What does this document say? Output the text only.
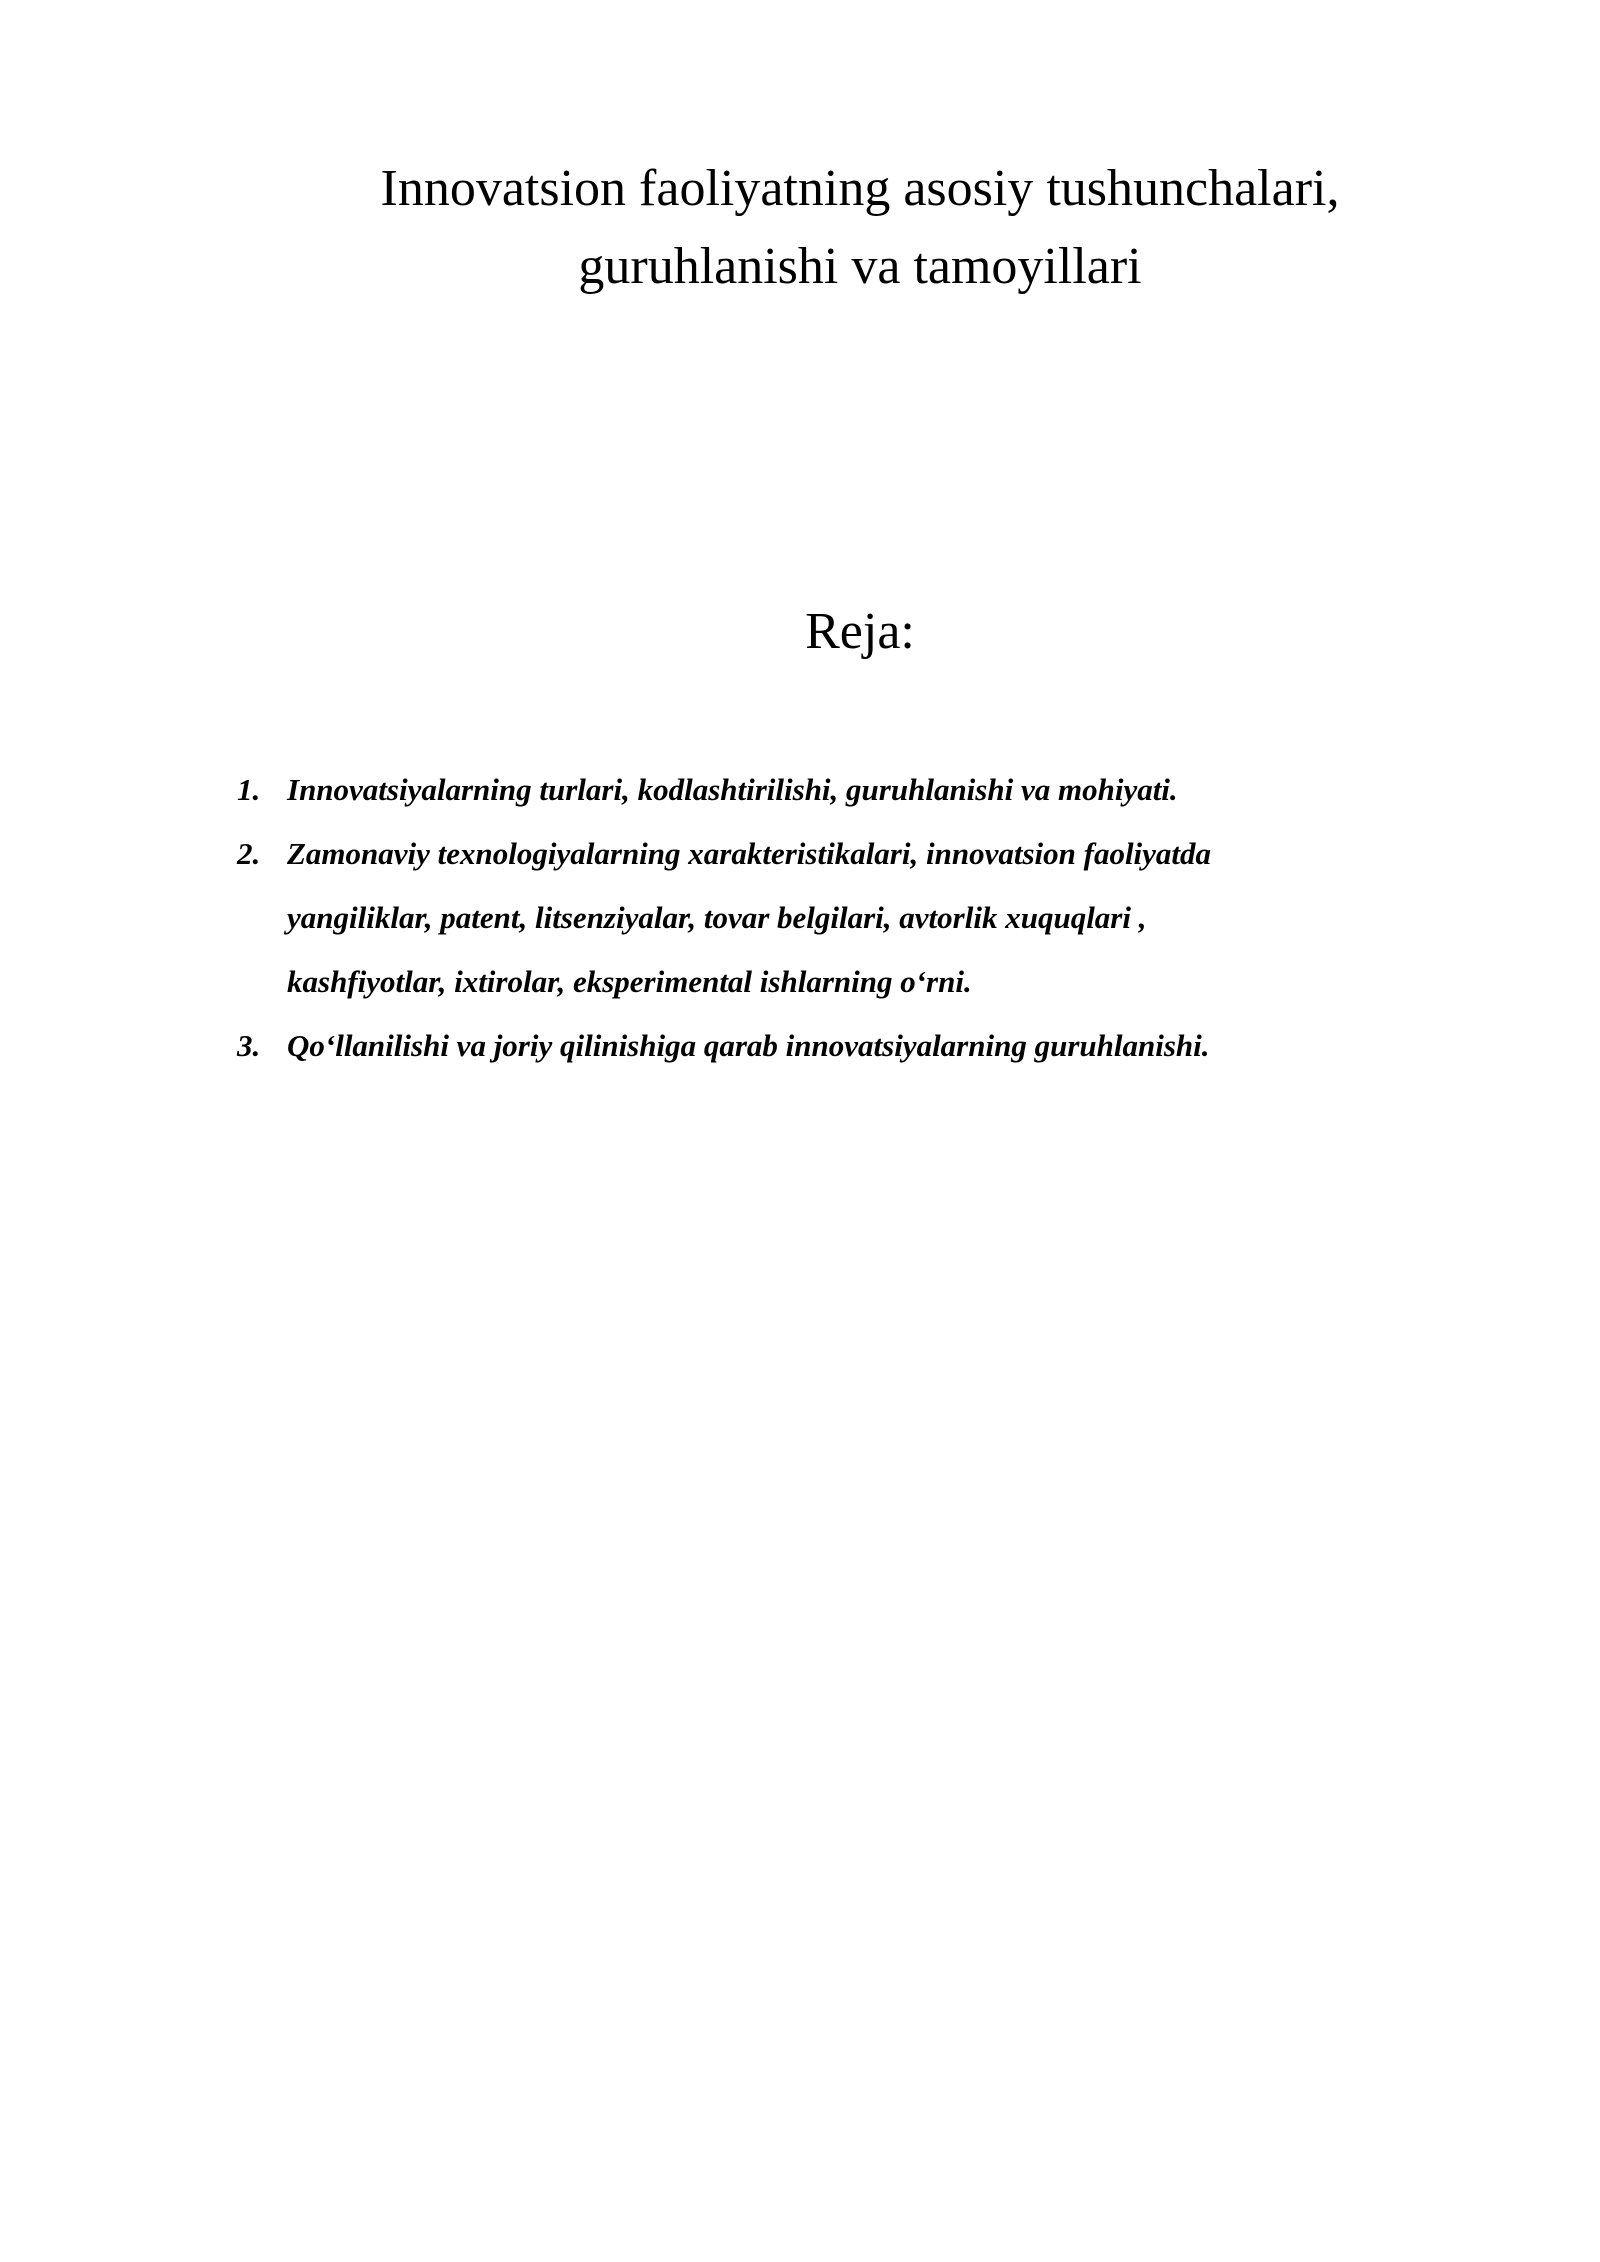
Innovatsion faoliyatning asosiy tushunchalari,
guruhlanishi va tamoyillari
Reja:
1. Innovatsiyalarning turlari, kodlashtirilishi, guruhlanishi va mohiyati.
2. Zamonaviy texnologiyalarning xarakteristikalari, innovatsion faoliyatda
yangiliklar, patent, litsenziyalar, tovar belgilari, avtorlik xuquqlari ,
kashfiyotlar, ixtirolar, eksperimental ishlarning o‘rni.
3. Qo‘llanilishi va joriy qilinishiga qarab innovatsiyalarning guruhlanishi.
